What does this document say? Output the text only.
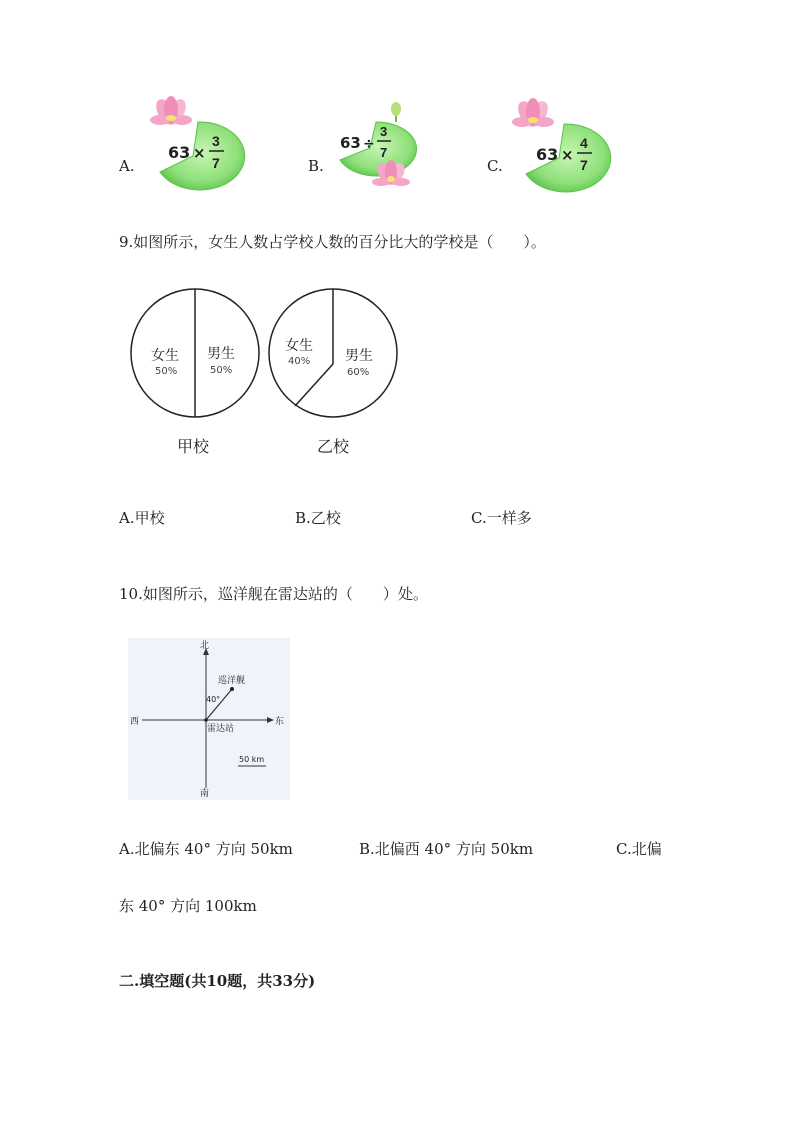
A.
63 ×
3
7	B.
63 ÷
3
7
C.
63 ×
4
7
9.如图所示，女生人数占学校人数的百分比大的学校是（　　）。
女生
50%
男生
50%
甲校
女生
40% 男生
60%
乙校
A.甲校	B.乙校	C.一样多
10.如图所示，巡洋舰在雷达站的（　　）处。
北
南
东
西
巡洋舰
40°
雷达站
50 km
A.北偏东 40° 方向 50km	B.北偏西 40° 方向 50km	C.北偏
东 40° 方向 100km
二.填空题(共10题，共33分)
